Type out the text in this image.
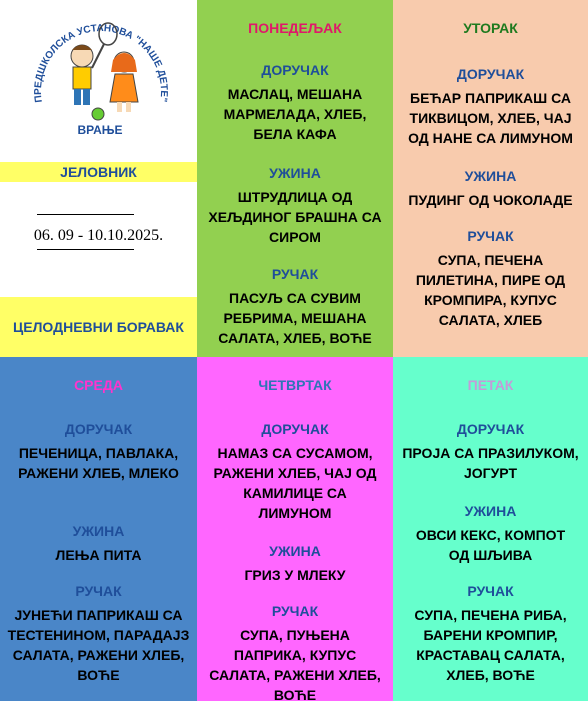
ПРЕДШКОЛСКА УСТАНОВА "НАШЕ ДЕТЕ"
ВРАЊЕ
ЈЕЛОВНИК
06. 09 - 10.10.2025.
ЦЕЛОДНЕВНИ БОРАВАК
ПОНЕДЕЉАК
ДОРУЧАК
МАСЛАЦ, МЕШАНА
МАРМЕЛАДА, ХЛЕБ,
БЕЛА КАФА
УЖИНА
ШТРУДЛИЦА ОД
ХЕЉДИНОГ БРАШНА СА
СИРОМ
РУЧАК
ПАСУЉ СА СУВИМ
РЕБРИМА, МЕШАНА
САЛАТА, ХЛЕБ, ВОЋЕ
УТОРАК
ДОРУЧАК
БЕЋАР ПАПРИКАШ СА
ТИКВИЦОМ, ХЛЕБ, ЧАЈ
ОД НАНЕ СА ЛИМУНОМ
УЖИНА
ПУДИНГ ОД ЧОКОЛАДЕ
РУЧАК
СУПА, ПЕЧЕНА
ПИЛЕТИНА, ПИРЕ ОД
КРОМПИРА, КУПУС
САЛАТА, ХЛЕБ
СРЕДА
ДОРУЧАК
ПЕЧЕНИЦА, ПАВЛАКА,
РАЖЕНИ ХЛЕБ, МЛЕКО
УЖИНА
ЛЕЊА ПИТА
РУЧАК
ЈУНЕЋИ ПАПРИКАШ СА
ТЕСТЕНИНОМ, ПАРАДАЈЗ
САЛАТА, РАЖЕНИ ХЛЕБ,
ВОЋЕ
ЧЕТВРТАК
ДОРУЧАК
НАМАЗ СА СУСАМОМ,
РАЖЕНИ ХЛЕБ, ЧАЈ ОД
КАМИЛИЦЕ СА
ЛИМУНОМ
УЖИНА
ГРИЗ У МЛЕКУ
РУЧАК
СУПА, ПУЊЕНА
ПАПРИКА, КУПУС
САЛАТА, РАЖЕНИ ХЛЕБ,
ВОЋЕ
ПЕТАК
ДОРУЧАК
ПРОЈА СА ПРАЗИЛУКОМ,
ЈОГУРТ
УЖИНА
ОВСИ КЕКС, КОМПОТ
ОД ШЉИВА
РУЧАК
СУПА, ПЕЧЕНА РИБА,
БАРЕНИ КРОМПИР,
КРАСТАВАЦ САЛАТА,
ХЛЕБ, ВОЋЕ
